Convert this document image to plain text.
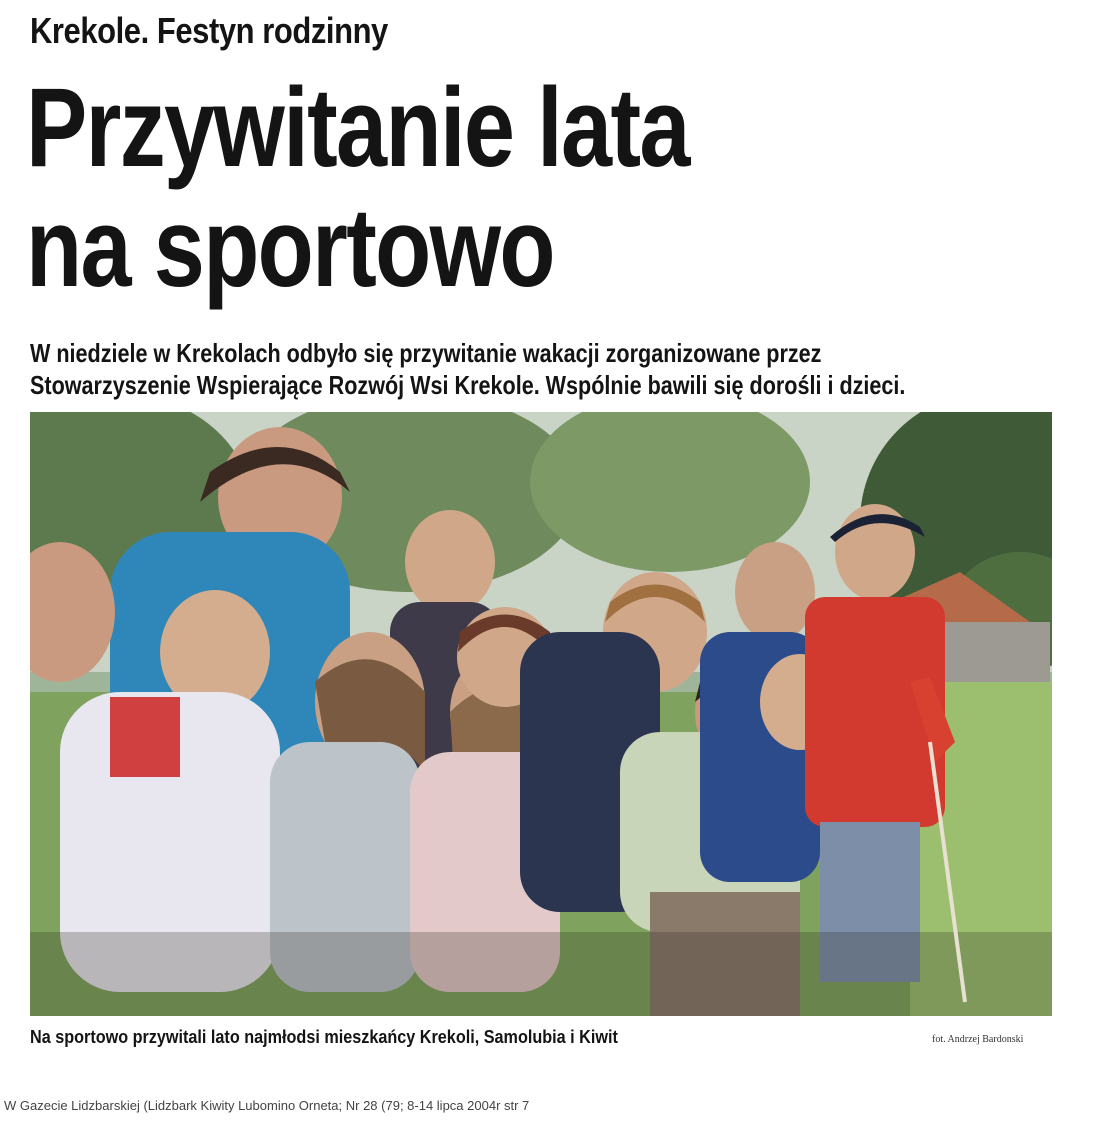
Krekole. Festyn rodzinny
Przywitanie lata
na sportowo
W niedziele w Krekolach odbyło się przywitanie wakacji zorganizowane przez
Stowarzyszenie Wspierające Rozwój Wsi Krekole. Wspólnie bawili się dorośli i dzieci.
Na sportowo przywitali lato najmłodsi mieszkańcy Krekoli, Samolubia i Kiwit	fot. Andrzej Bardonski
W Gazecie Lidzbarskiej (Lidzbark Kiwity Lubomino Orneta; Nr 28 (79; 8-14 lipca 2004r str 7
